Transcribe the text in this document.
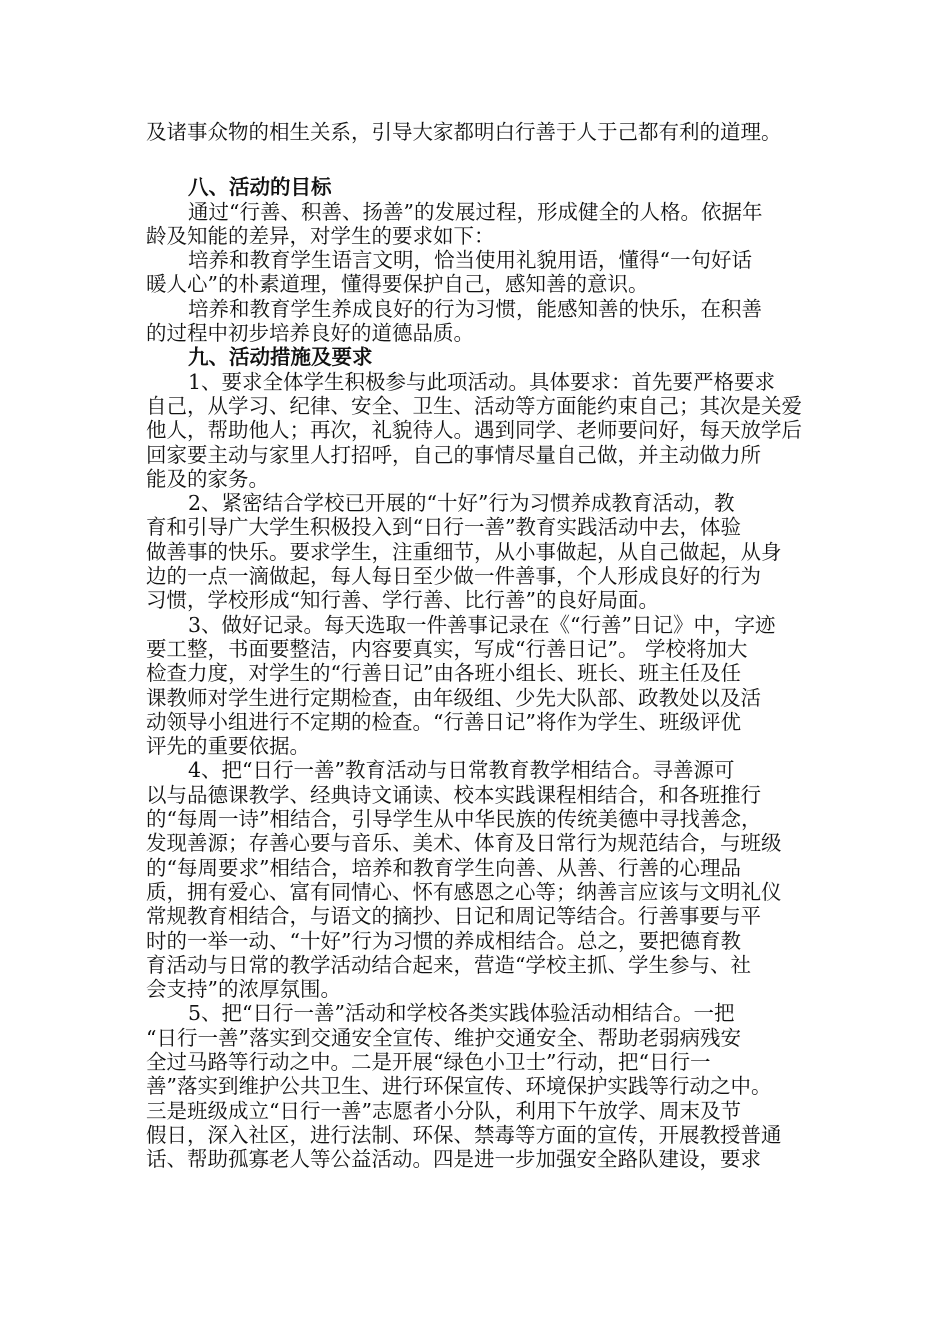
及诸事众物的相生关系，引导大家都明白行善于人于己都有利的道理。
八、活动的目标
通过“行善、积善、扬善”的发展过程，形成健全的人格。依据年
龄及知能的差异，对学生的要求如下：
培养和教育学生语言文明，恰当使用礼貌用语，懂得“一句好话
暖人心”的朴素道理，懂得要保护自己，感知善的意识。
培养和教育学生养成良好的行为习惯，能感知善的快乐，在积善
的过程中初步培养良好的道德品质。
九、活动措施及要求
1、要求全体学生积极参与此项活动。具体要求：首先要严格要求
自己，从学习、纪律、安全、卫生、活动等方面能约束自己；其次是关爱
他人，帮助他人；再次，礼貌待人。遇到同学、老师要问好，每天放学后
回家要主动与家里人打招呼，自己的事情尽量自己做，并主动做力所
能及的家务。
2、紧密结合学校已开展的“十好”行为习惯养成教育活动，教
育和引导广大学生积极投入到“日行一善”教育实践活动中去，体验
做善事的快乐。要求学生，注重细节，从小事做起，从自己做起，从身
边的一点一滴做起，每人每日至少做一件善事，个人形成良好的行为
习惯，学校形成“知行善、学行善、比行善”的良好局面。
3、做好记录。每天选取一件善事记录在《“行善”日记》中，字迹
要工整，书面要整洁，内容要真实，写成“行善日记”。 学校将加大
检查力度，对学生的“行善日记”由各班小组长、班长、班主任及任
课教师对学生进行定期检查，由年级组、少先大队部、政教处以及活
动领导小组进行不定期的检查。“行善日记”将作为学生、班级评优
评先的重要依据。
4、把“日行一善”教育活动与日常教育教学相结合。寻善源可
以与品德课教学、经典诗文诵读、校本实践课程相结合，和各班推行
的“每周一诗”相结合，引导学生从中华民族的传统美德中寻找善念，
发现善源；存善心要与音乐、美术、体育及日常行为规范结合，与班级
的“每周要求”相结合，培养和教育学生向善、从善、行善的心理品
质，拥有爱心、富有同情心、怀有感恩之心等；纳善言应该与文明礼仪
常规教育相结合，与语文的摘抄、日记和周记等结合。行善事要与平
时的一举一动、“十好”行为习惯的养成相结合。总之，要把德育教
育活动与日常的教学活动结合起来，营造“学校主抓、学生参与、社
会支持”的浓厚氛围。
5、把“日行一善”活动和学校各类实践体验活动相结合。一把
“日行一善”落实到交通安全宣传、维护交通安全、帮助老弱病残安
全过马路等行动之中。二是开展“绿色小卫士”行动，把“日行一
善”落实到维护公共卫生、进行环保宣传、环境保护实践等行动之中。
三是班级成立“日行一善”志愿者小分队，利用下午放学、周末及节
假日，深入社区，进行法制、环保、禁毒等方面的宣传，开展教授普通
话、帮助孤寡老人等公益活动。四是进一步加强安全路队建设，要求
